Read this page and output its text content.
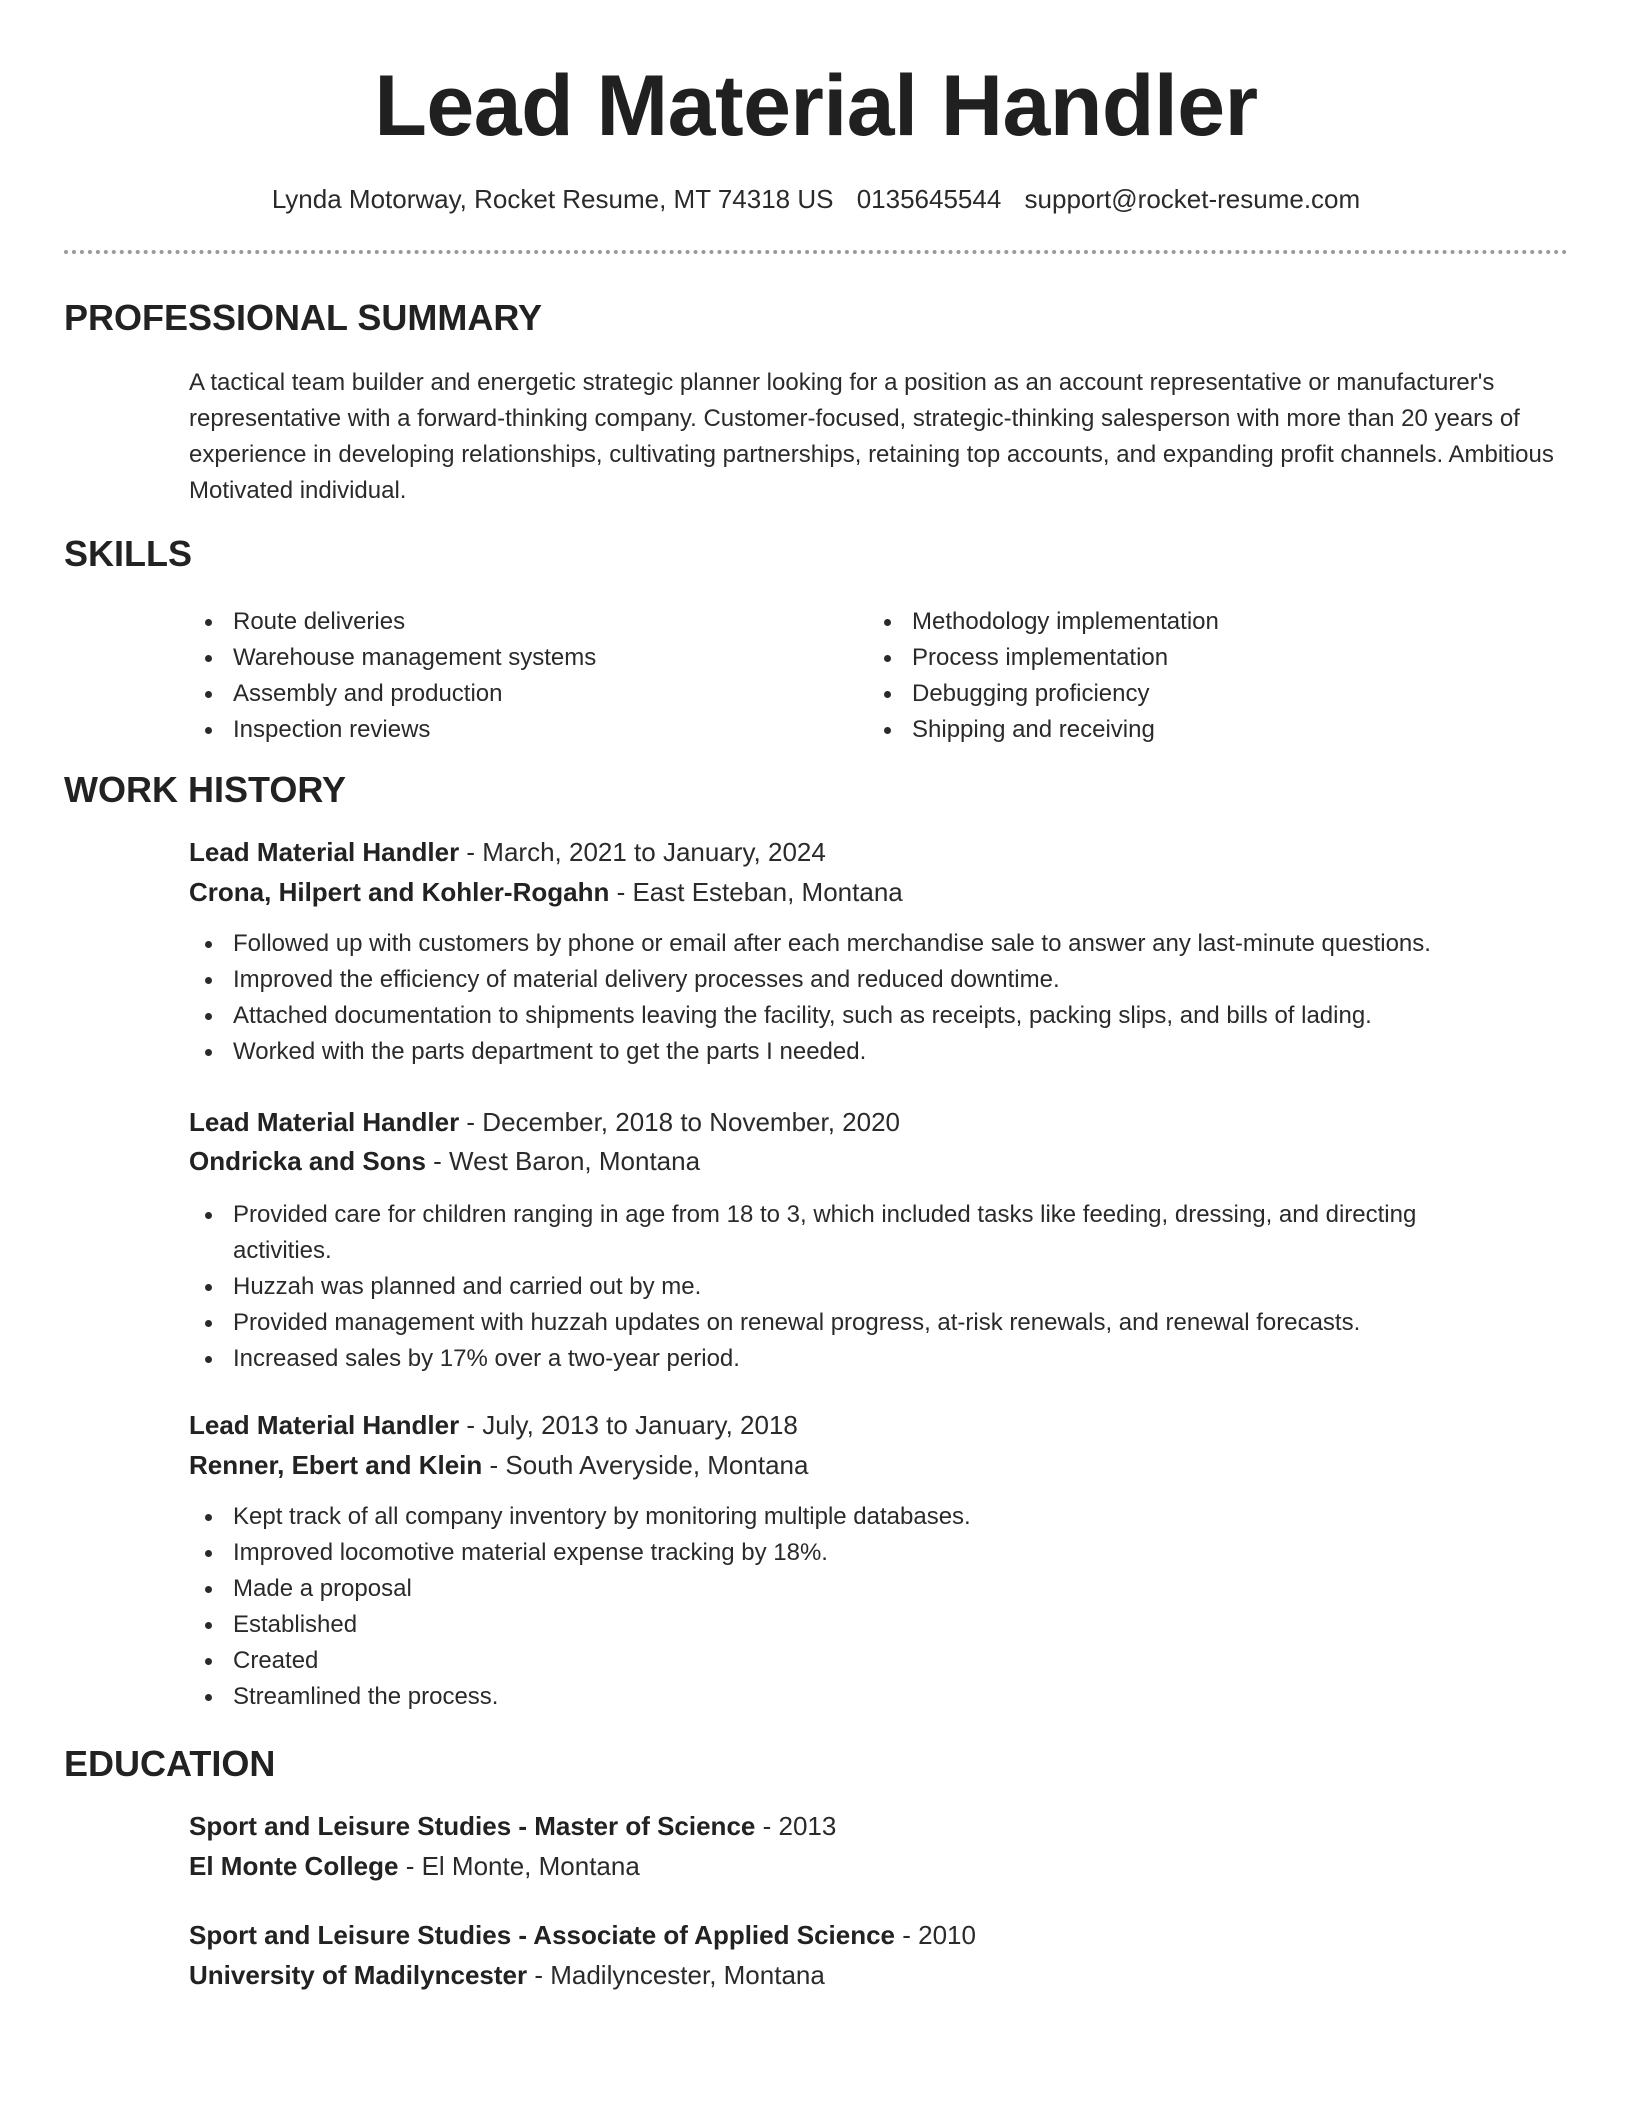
Lead Material Handler
Lynda Motorway, Rocket Resume, MT 74318 US 0135645544 support@rocket-resume.com
PROFESSIONAL SUMMARY

A tactical team builder and energetic strategic planner looking for a position as an account representative or manufacturer's representative with a forward-thinking company. Customer-focused, strategic-thinking salesperson with more than 20 years of experience in developing relationships, cultivating partnerships, retaining top accounts, and expanding profit channels. Ambitious Motivated individual.

SKILLS
Route deliveries
Warehouse management systems
Assembly and production
Inspection reviews
Methodology implementation
Process implementation
Debugging proficiency
Shipping and receiving
WORK HISTORY
Lead Material Handler - March, 2021 to January, 2024
Crona, Hilpert and Kohler-Rogahn - East Esteban, Montana
Followed up with customers by phone or email after each merchandise sale to answer any last-minute questions.
Improved the efficiency of material delivery processes and reduced downtime.
Attached documentation to shipments leaving the facility, such as receipts, packing slips, and bills of lading.
Worked with the parts department to get the parts I needed.
Lead Material Handler - December, 2018 to November, 2020
Ondricka and Sons - West Baron, Montana
Provided care for children ranging in age from 18 to 3, which included tasks like feeding, dressing, and directing activities.
Huzzah was planned and carried out by me.
Provided management with huzzah updates on renewal progress, at-risk renewals, and renewal forecasts.
Increased sales by 17% over a two-year period.
Lead Material Handler - July, 2013 to January, 2018
Renner, Ebert and Klein - South Averyside, Montana
Kept track of all company inventory by monitoring multiple databases.
Improved locomotive material expense tracking by 18%.
Made a proposal
Established
Created
Streamlined the process.
EDUCATION
Sport and Leisure Studies - Master of Science - 2013
El Monte College - El Monte, Montana
Sport and Leisure Studies - Associate of Applied Science - 2010
University of Madilyncester - Madilyncester, Montana
